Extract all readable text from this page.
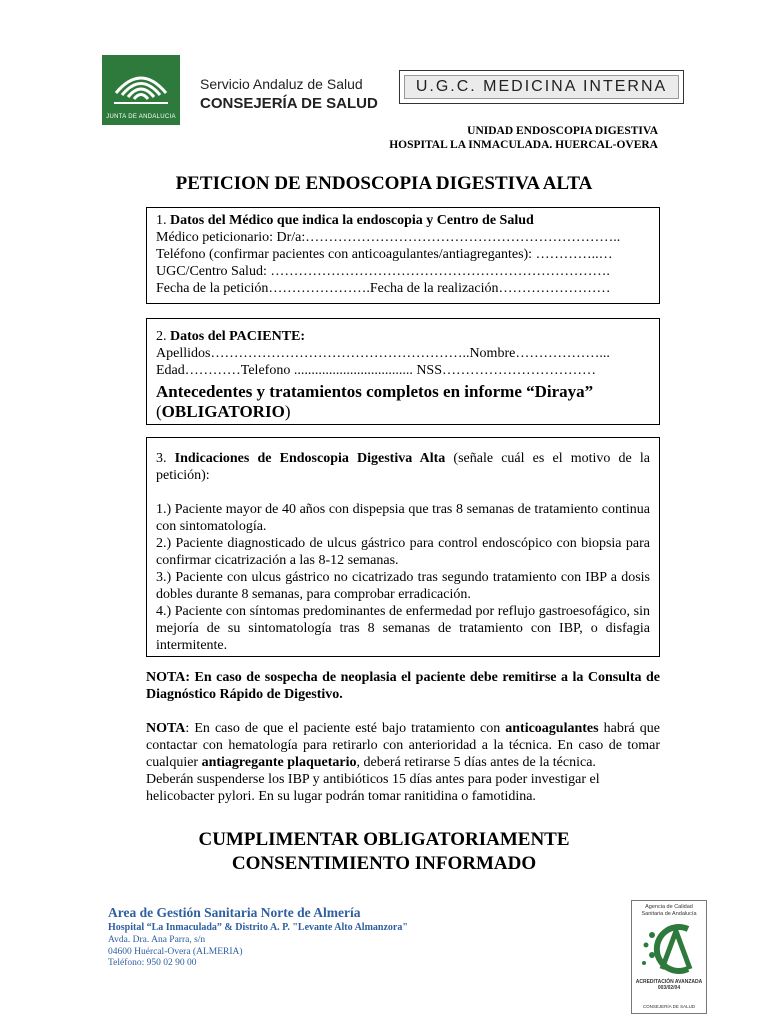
JUNTA DE ANDALUCIA
Servicio Andaluz de Salud
CONSEJERÍA DE SALUD
U.G.C. MEDICINA INTERNA
UNIDAD ENDOSCOPIA DIGESTIVA
HOSPITAL LA INMACULADA. HUERCAL-OVERA
PETICION DE ENDOSCOPIA DIGESTIVA ALTA
1. Datos del Médico que indica la endoscopia y Centro de Salud
Médico peticionario: Dr/a:…………………………………………………………..
Teléfono (confirmar pacientes con anticoagulantes/antiagregantes): …………..…
UGC/Centro Salud: ……………………………………………………………….
Fecha de la petición………………….Fecha de la realización……………………
2. Datos del PACIENTE:
Apellidos………………………………………………..Nombre………………...
Edad…………Telefono .................................. NSS……………………………
Antecedentes y tratamientos completos en informe “Diraya”
(OBLIGATORIO)
3. Indicaciones de Endoscopia Digestiva Alta (señale cuál es el motivo de la petición):
1.) Paciente mayor de 40 años con dispepsia que tras 8 semanas de tratamiento continua con sintomatología.
2.) Paciente diagnosticado de ulcus gástrico para control endoscópico con biopsia para confirmar cicatrización a las 8-12 semanas.
3.) Paciente con ulcus gástrico no cicatrizado tras segundo tratamiento con IBP a dosis dobles durante 8 semanas, para comprobar erradicación.
4.) Paciente con síntomas predominantes de enfermedad por reflujo gastroesofágico, sin mejoría de su sintomatología tras 8 semanas de tratamiento con IBP, o disfagia intermitente.

NOTA: En caso de sospecha de neoplasia el paciente debe remitirse a la Consulta de Diagnóstico Rápido de Digestivo.

NOTA: En caso de que el paciente esté bajo tratamiento con anticoagulantes habrá que contactar con hematología para retirarlo con anterioridad a la técnica. En caso de tomar cualquier antiagregante plaquetario, deberá retirarse 5 días antes de la técnica.

Deberán suspenderse los IBP y antibióticos 15 días antes para poder investigar el helicobacter pylori. En su lugar podrán tomar ranitidina o famotidina.

CUMPLIMENTAR OBLIGATORIAMENTE
CONSENTIMIENTO INFORMADO
Area de Gestión Sanitaria Norte de Almería
Hospital “La Inmaculada” & Distrito A. P. "Levante Alto Almanzora"
Avda. Dra. Ana Parra, s/n
04600 Huércal-Overa (ALMERIA)
Teléfono: 950 02 90 00
Agencia de Calidad
Sanitaria de Andalucía
ACREDITACIÓN AVANZADA
003/02/04
CONSEJERÍA DE SALUD
